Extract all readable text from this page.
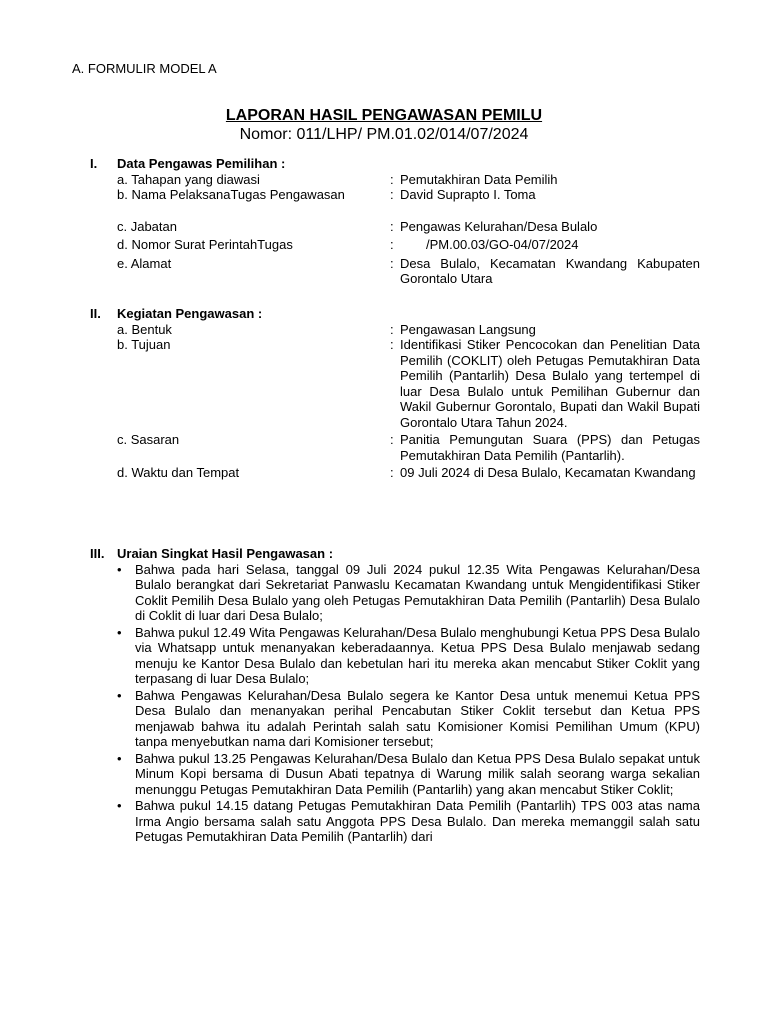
A. FORMULIR MODEL A
LAPORAN HASIL PENGAWASAN PEMILU
Nomor: 011/LHP/ PM.01.02/014/07/2024
I.	Data Pengawas Pemilihan :
a. Tahapan yang diawasi	: Pemutakhiran Data Pemilih
b. Nama PelaksanaTugas Pengawasan	: David Suprapto I. Toma
c. Jabatan	: Pengawas Kelurahan/Desa Bulalo
d. Nomor Surat PerintahTugas	:	/PM.00.03/GO-04/07/2024
e. Alamat	: Desa Bulalo, Kecamatan Kwandang Kabupaten Gorontalo Utara
II.	Kegiatan Pengawasan :
a. Bentuk	: Pengawasan Langsung
b. Tujuan	: Identifikasi Stiker Pencocokan dan Penelitian Data Pemilih (COKLIT) oleh Petugas Pemutakhiran Data Pemilih (Pantarlih) Desa Bulalo yang tertempel di luar Desa Bulalo untuk Pemilihan Gubernur dan Wakil Gubernur Gorontalo, Bupati dan Wakil Bupati Gorontalo Utara Tahun 2024.
c. Sasaran	: Panitia Pemungutan Suara (PPS) dan Petugas Pemutakhiran Data Pemilih (Pantarlih).
d. Waktu dan Tempat	: 09 Juli 2024 di Desa Bulalo, Kecamatan Kwandang
III. Uraian Singkat Hasil Pengawasan :
•	Bahwa pada hari Selasa, tanggal 09 Juli 2024 pukul 12.35 Wita Pengawas Kelurahan/Desa Bulalo berangkat dari Sekretariat Panwaslu Kecamatan Kwandang untuk Mengidentifikasi Stiker Coklit Pemilih Desa Bulalo yang oleh Petugas Pemutakhiran Data Pemilih (Pantarlih) Desa Bulalo di Coklit di luar dari Desa Bulalo;
•	Bahwa pukul 12.49 Wita Pengawas Kelurahan/Desa Bulalo menghubungi Ketua PPS Desa Bulalo via Whatsapp untuk menanyakan keberadaannya. Ketua PPS Desa Bulalo menjawab sedang menuju ke Kantor Desa Bulalo dan kebetulan hari itu mereka akan mencabut Stiker Coklit yang terpasang di luar Desa Bulalo;
•	Bahwa Pengawas Kelurahan/Desa Bulalo segera ke Kantor Desa untuk menemui Ketua PPS Desa Bulalo dan menanyakan perihal Pencabutan Stiker Coklit tersebut dan Ketua PPS menjawab bahwa itu adalah Perintah salah satu Komisioner Komisi Pemilihan Umum (KPU) tanpa menyebutkan nama dari Komisioner tersebut;
•	Bahwa pukul 13.25 Pengawas Kelurahan/Desa Bulalo dan Ketua PPS Desa Bulalo sepakat untuk Minum Kopi bersama di Dusun Abati tepatnya di Warung milik salah seorang warga sekalian menunggu Petugas Pemutakhiran Data Pemilih (Pantarlih) yang akan mencabut Stiker Coklit;
•	Bahwa pukul 14.15 datang Petugas Pemutakhiran Data Pemilih (Pantarlih) TPS 003 atas nama Irma Angio bersama salah satu Anggota PPS Desa Bulalo. Dan mereka memanggil salah satu Petugas Pemutakhiran Data Pemilih (Pantarlih) dari
